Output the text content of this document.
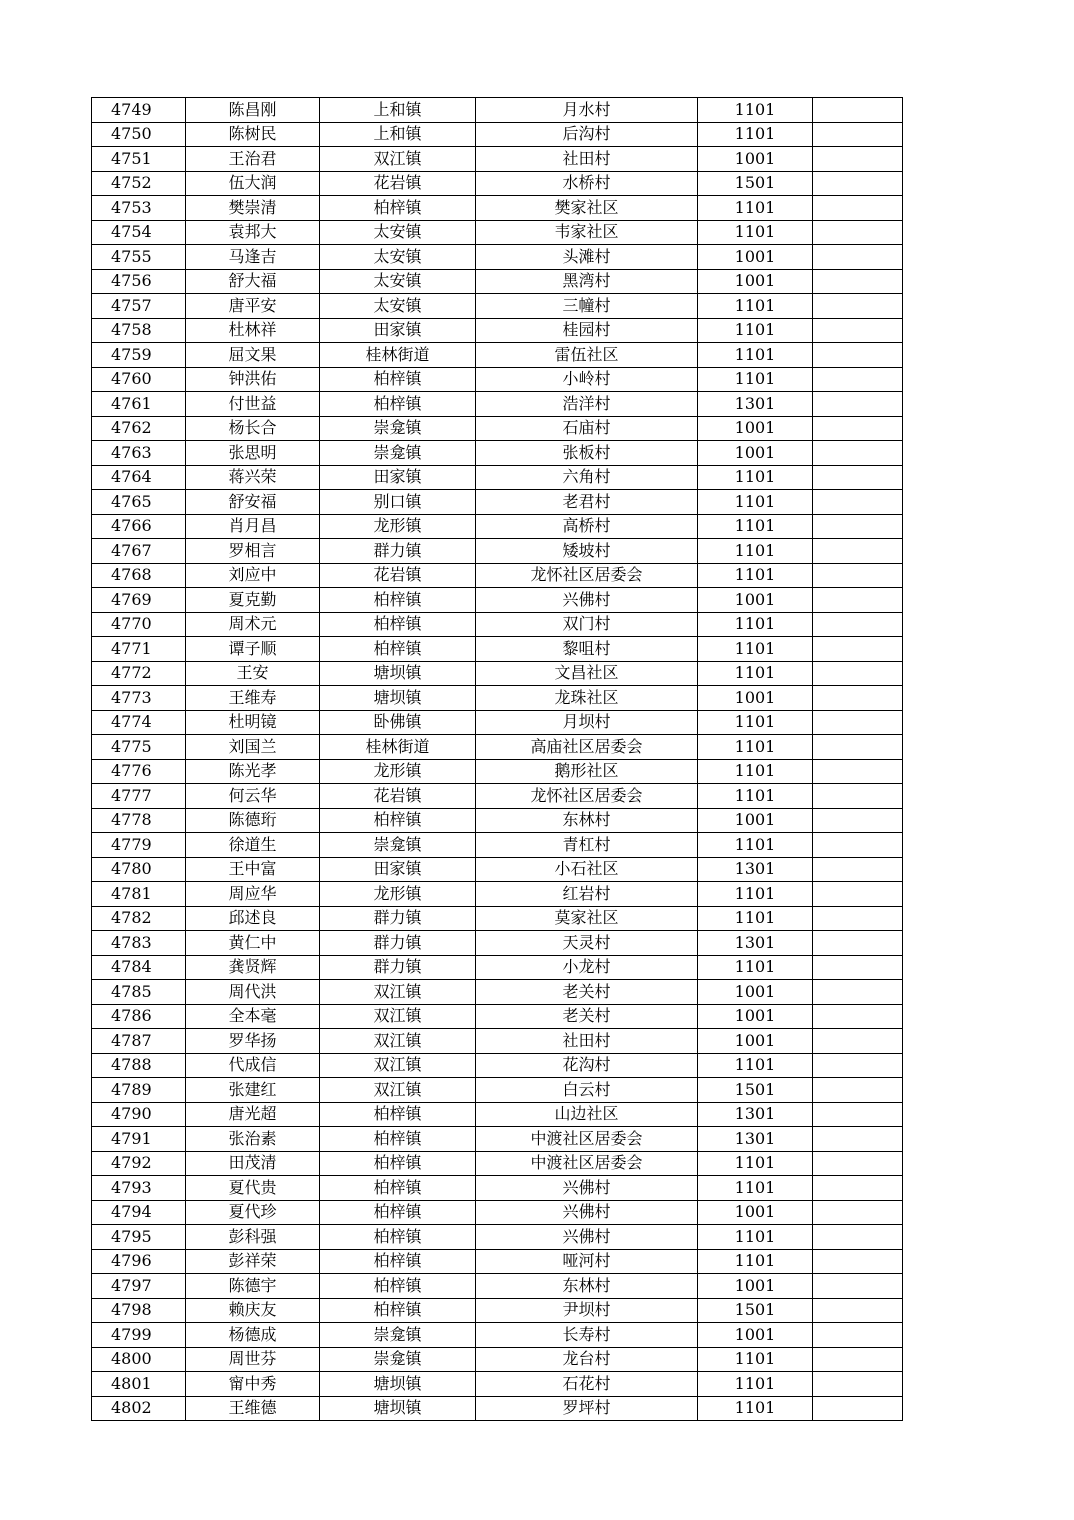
4749	陈昌刚	上和镇	月水村	1101	
4750	陈树民	上和镇	后沟村	1101	
4751	王治君	双江镇	社田村	1001	
4752	伍大润	花岩镇	水桥村	1501	
4753	樊崇清	柏梓镇	樊家社区	1101	
4754	袁邦大	太安镇	韦家社区	1101	
4755	马逢吉	太安镇	头滩村	1001	
4756	舒大福	太安镇	黑湾村	1001	
4757	唐平安	太安镇	三幢村	1101	
4758	杜林祥	田家镇	桂园村	1101	
4759	屈文果	桂林街道	雷伍社区	1101	
4760	钟洪佑	柏梓镇	小岭村	1101	
4761	付世益	柏梓镇	浩洋村	1301	
4762	杨长合	崇龛镇	石庙村	1001	
4763	张思明	崇龛镇	张板村	1001	
4764	蒋兴荣	田家镇	六角村	1101	
4765	舒安福	别口镇	老君村	1101	
4766	肖月昌	龙形镇	高桥村	1101	
4767	罗相言	群力镇	矮坡村	1101	
4768	刘应中	花岩镇	龙怀社区居委会	1101	
4769	夏克勤	柏梓镇	兴佛村	1001	
4770	周术元	柏梓镇	双门村	1101	
4771	谭子顺	柏梓镇	黎咀村	1101	
4772	王安	塘坝镇	文昌社区	1101	
4773	王维寿	塘坝镇	龙珠社区	1001	
4774	杜明镜	卧佛镇	月坝村	1101	
4775	刘国兰	桂林街道	高庙社区居委会	1101	
4776	陈光孝	龙形镇	鹅形社区	1101	
4777	何云华	花岩镇	龙怀社区居委会	1101	
4778	陈德珩	柏梓镇	东林村	1001	
4779	徐道生	崇龛镇	青杠村	1101	
4780	王中富	田家镇	小石社区	1301	
4781	周应华	龙形镇	红岩村	1101	
4782	邱述良	群力镇	莫家社区	1101	
4783	黄仁中	群力镇	天灵村	1301	
4784	龚贤辉	群力镇	小龙村	1101	
4785	周代洪	双江镇	老关村	1001	
4786	全本毫	双江镇	老关村	1001	
4787	罗华扬	双江镇	社田村	1001	
4788	代成信	双江镇	花沟村	1101	
4789	张建红	双江镇	白云村	1501	
4790	唐光超	柏梓镇	山边社区	1301	
4791	张治素	柏梓镇	中渡社区居委会	1301	
4792	田茂清	柏梓镇	中渡社区居委会	1101	
4793	夏代贵	柏梓镇	兴佛村	1101	
4794	夏代珍	柏梓镇	兴佛村	1001	
4795	彭科强	柏梓镇	兴佛村	1101	
4796	彭祥荣	柏梓镇	哑河村	1101	
4797	陈德宇	柏梓镇	东林村	1001	
4798	赖庆友	柏梓镇	尹坝村	1501	
4799	杨德成	崇龛镇	长寿村	1001	
4800	周世芬	崇龛镇	龙台村	1101	
4801	甯中秀	塘坝镇	石花村	1101	
4802	王维德	塘坝镇	罗坪村	1101	
